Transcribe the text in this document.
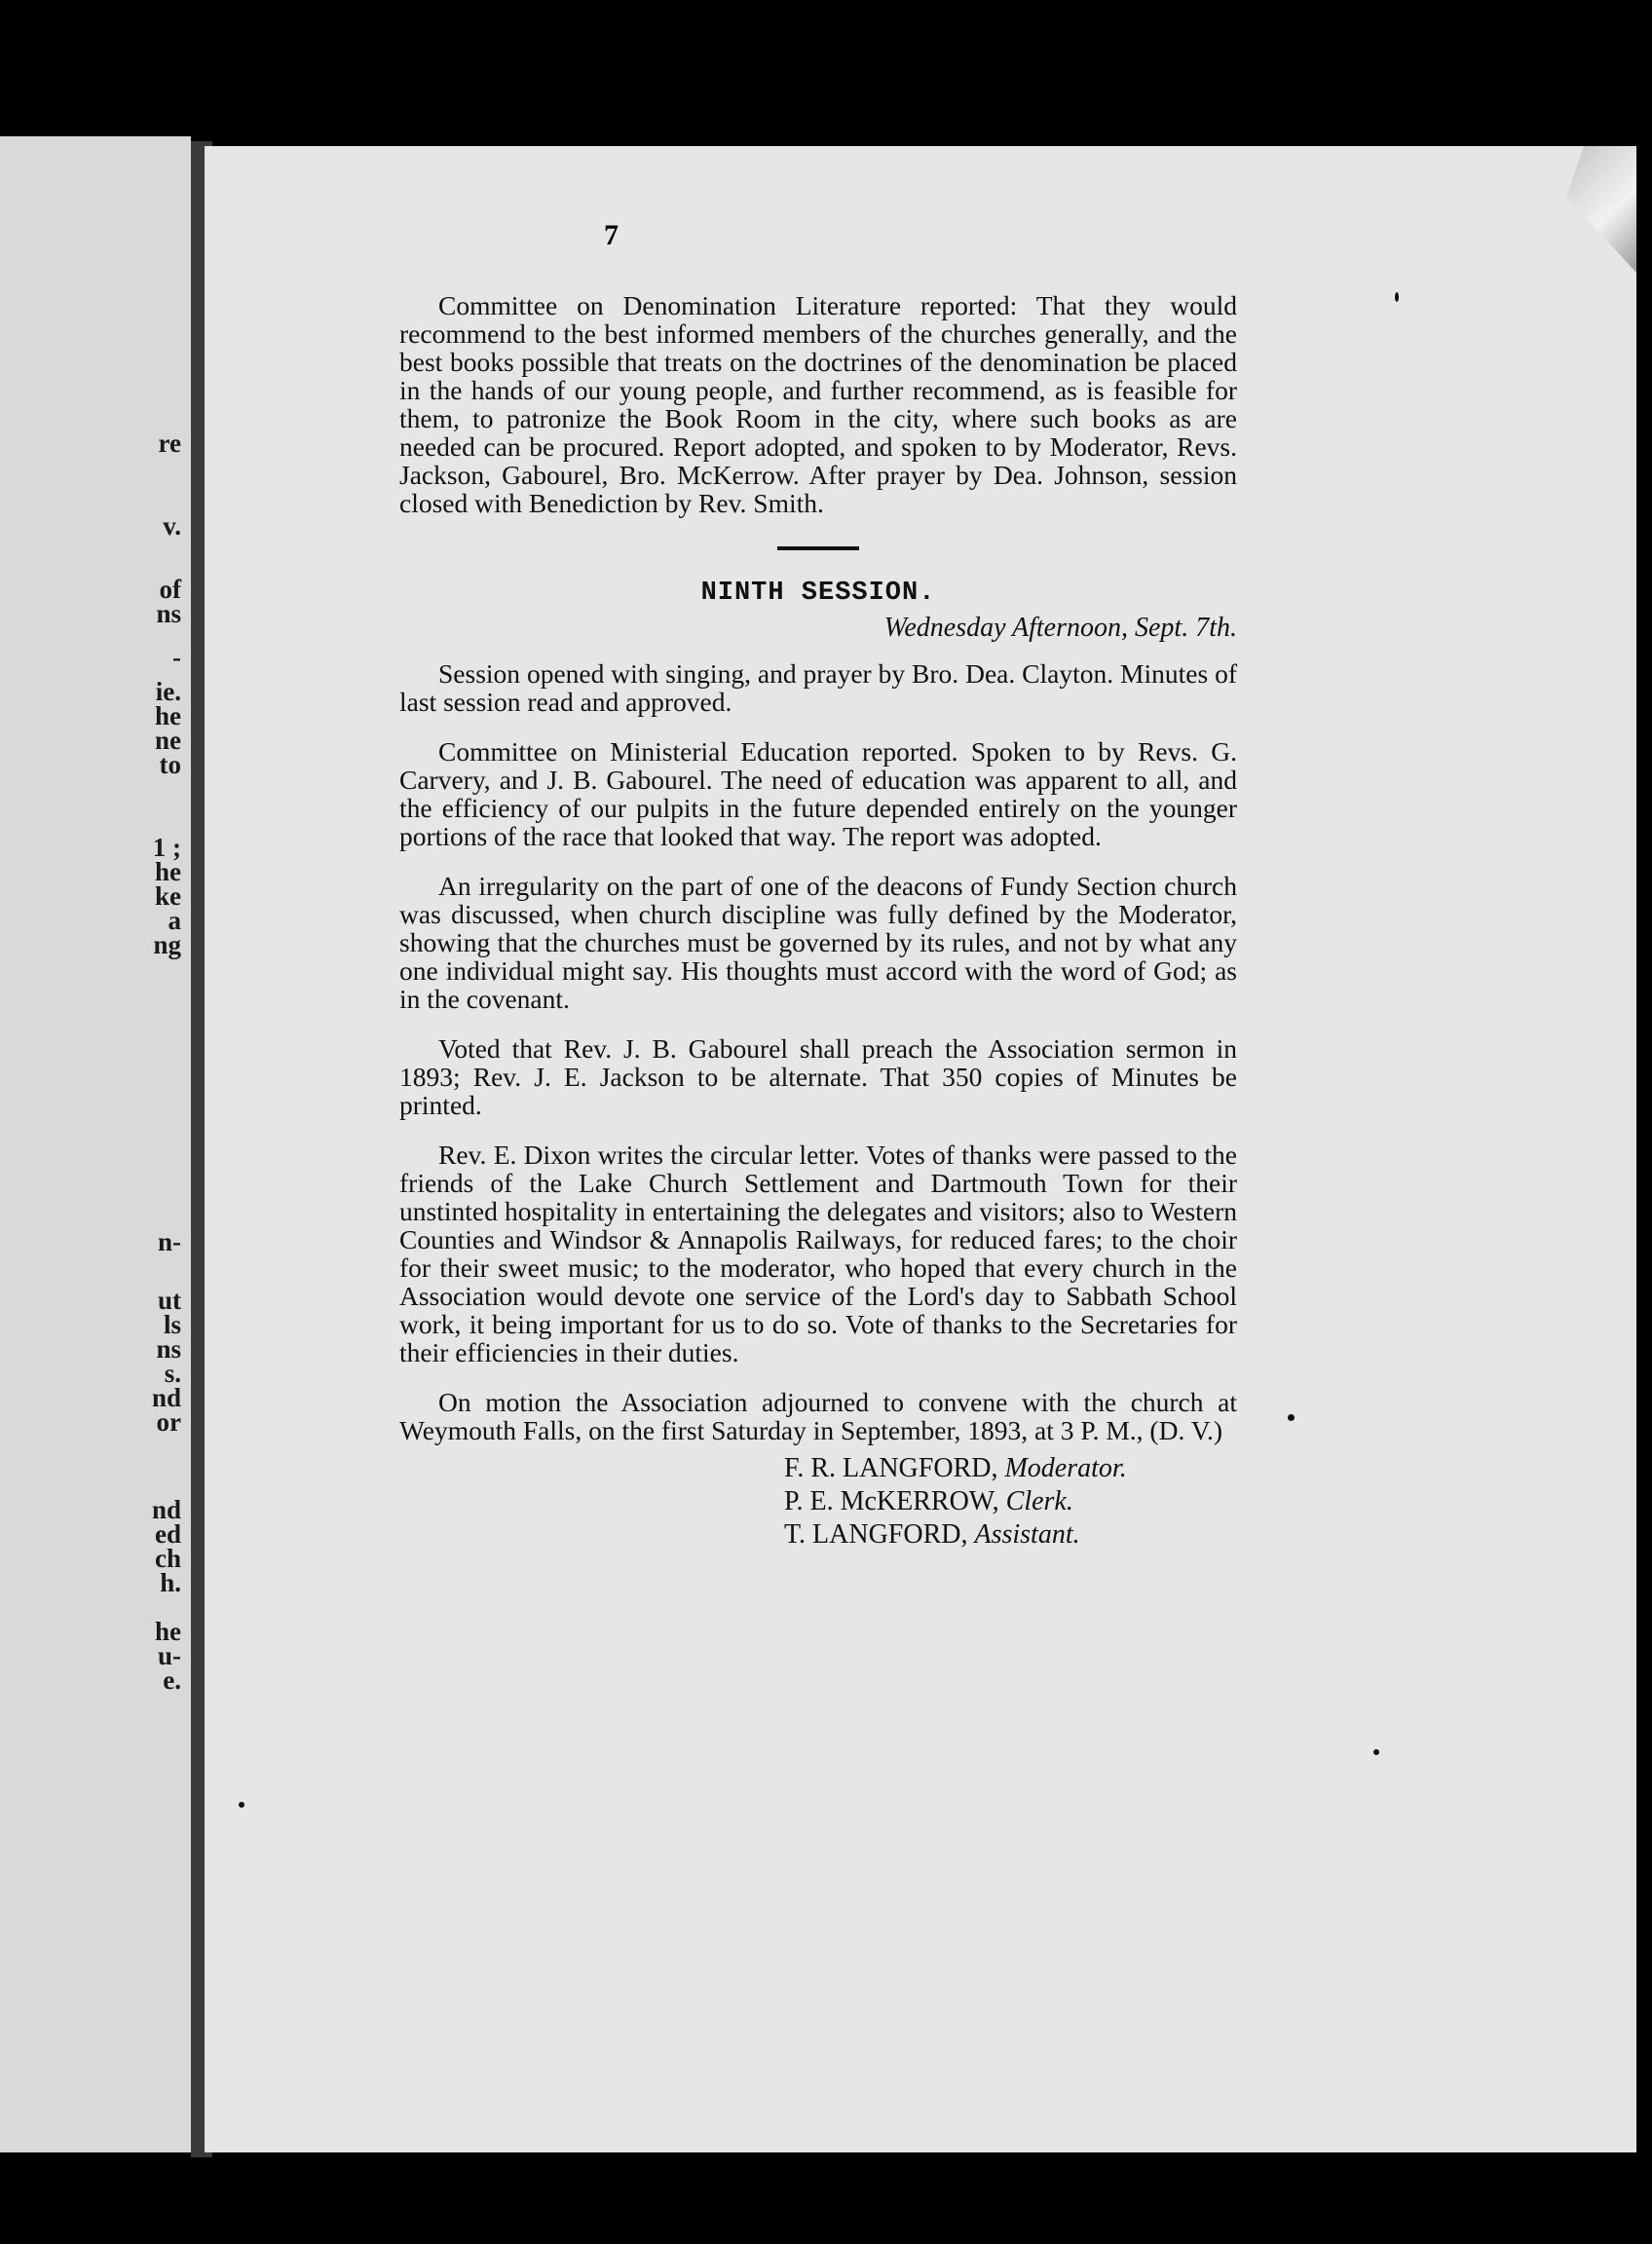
re
v.
of
ns
-
ie.
he
ne
to
1 ;
he
ke
a
ng
n-
ut
ls
ns
s.
nd
or
nd
ed
ch
h.
he
u-
e.
7

Committee on Denomination Literature reported: That they would recommend to the best informed members of the churches generally, and the best books possible that treats on the doctrines of the denomination be placed in the hands of our young people, and further recommend, as is feasible for them, to patronize the Book Room in the city, where such books as are needed can be procured. Report adopted, and spoken to by Moderator, Revs. Jackson, Gabourel, Bro. McKerrow. After prayer by Dea. Johnson, session closed with Benediction by Rev. Smith.

NINTH SESSION.

Wednesday Afternoon, Sept. 7th.

Session opened with singing, and prayer by Bro. Dea. Clayton. Minutes of last session read and approved.

Committee on Ministerial Education reported. Spoken to by Revs. G. Carvery, and J. B. Gabourel. The need of education was apparent to all, and the efficiency of our pulpits in the future depended entirely on the younger portions of the race that looked that way. The report was adopted.

An irregularity on the part of one of the deacons of Fundy Section church was discussed, when church discipline was fully defined by the Moderator, showing that the churches must be governed by its rules, and not by what any one individual might say. His thoughts must accord with the word of God; as in the covenant.

Voted that Rev. J. B. Gabourel shall preach the Association sermon in 1893; Rev. J. E. Jackson to be alternate. That 350 copies of Minutes be printed.

Rev. E. Dixon writes the circular letter. Votes of thanks were passed to the friends of the Lake Church Settlement and Dartmouth Town for their unstinted hospitality in entertaining the delegates and visitors; also to Western Counties and Windsor & Annapolis Railways, for reduced fares; to the choir for their sweet music; to the moderator, who hoped that every church in the Association would devote one service of the Lord's day to Sabbath School work, it being important for us to do so. Vote of thanks to the Secretaries for their efficiencies in their duties.

On motion the Association adjourned to convene with the church at Weymouth Falls, on the first Saturday in September, 1893, at 3 P. M., (D. V.)

F. R. LANGFORD, Moderator.
P. E. McKERROW, Clerk.
T. LANGFORD, Assistant.
